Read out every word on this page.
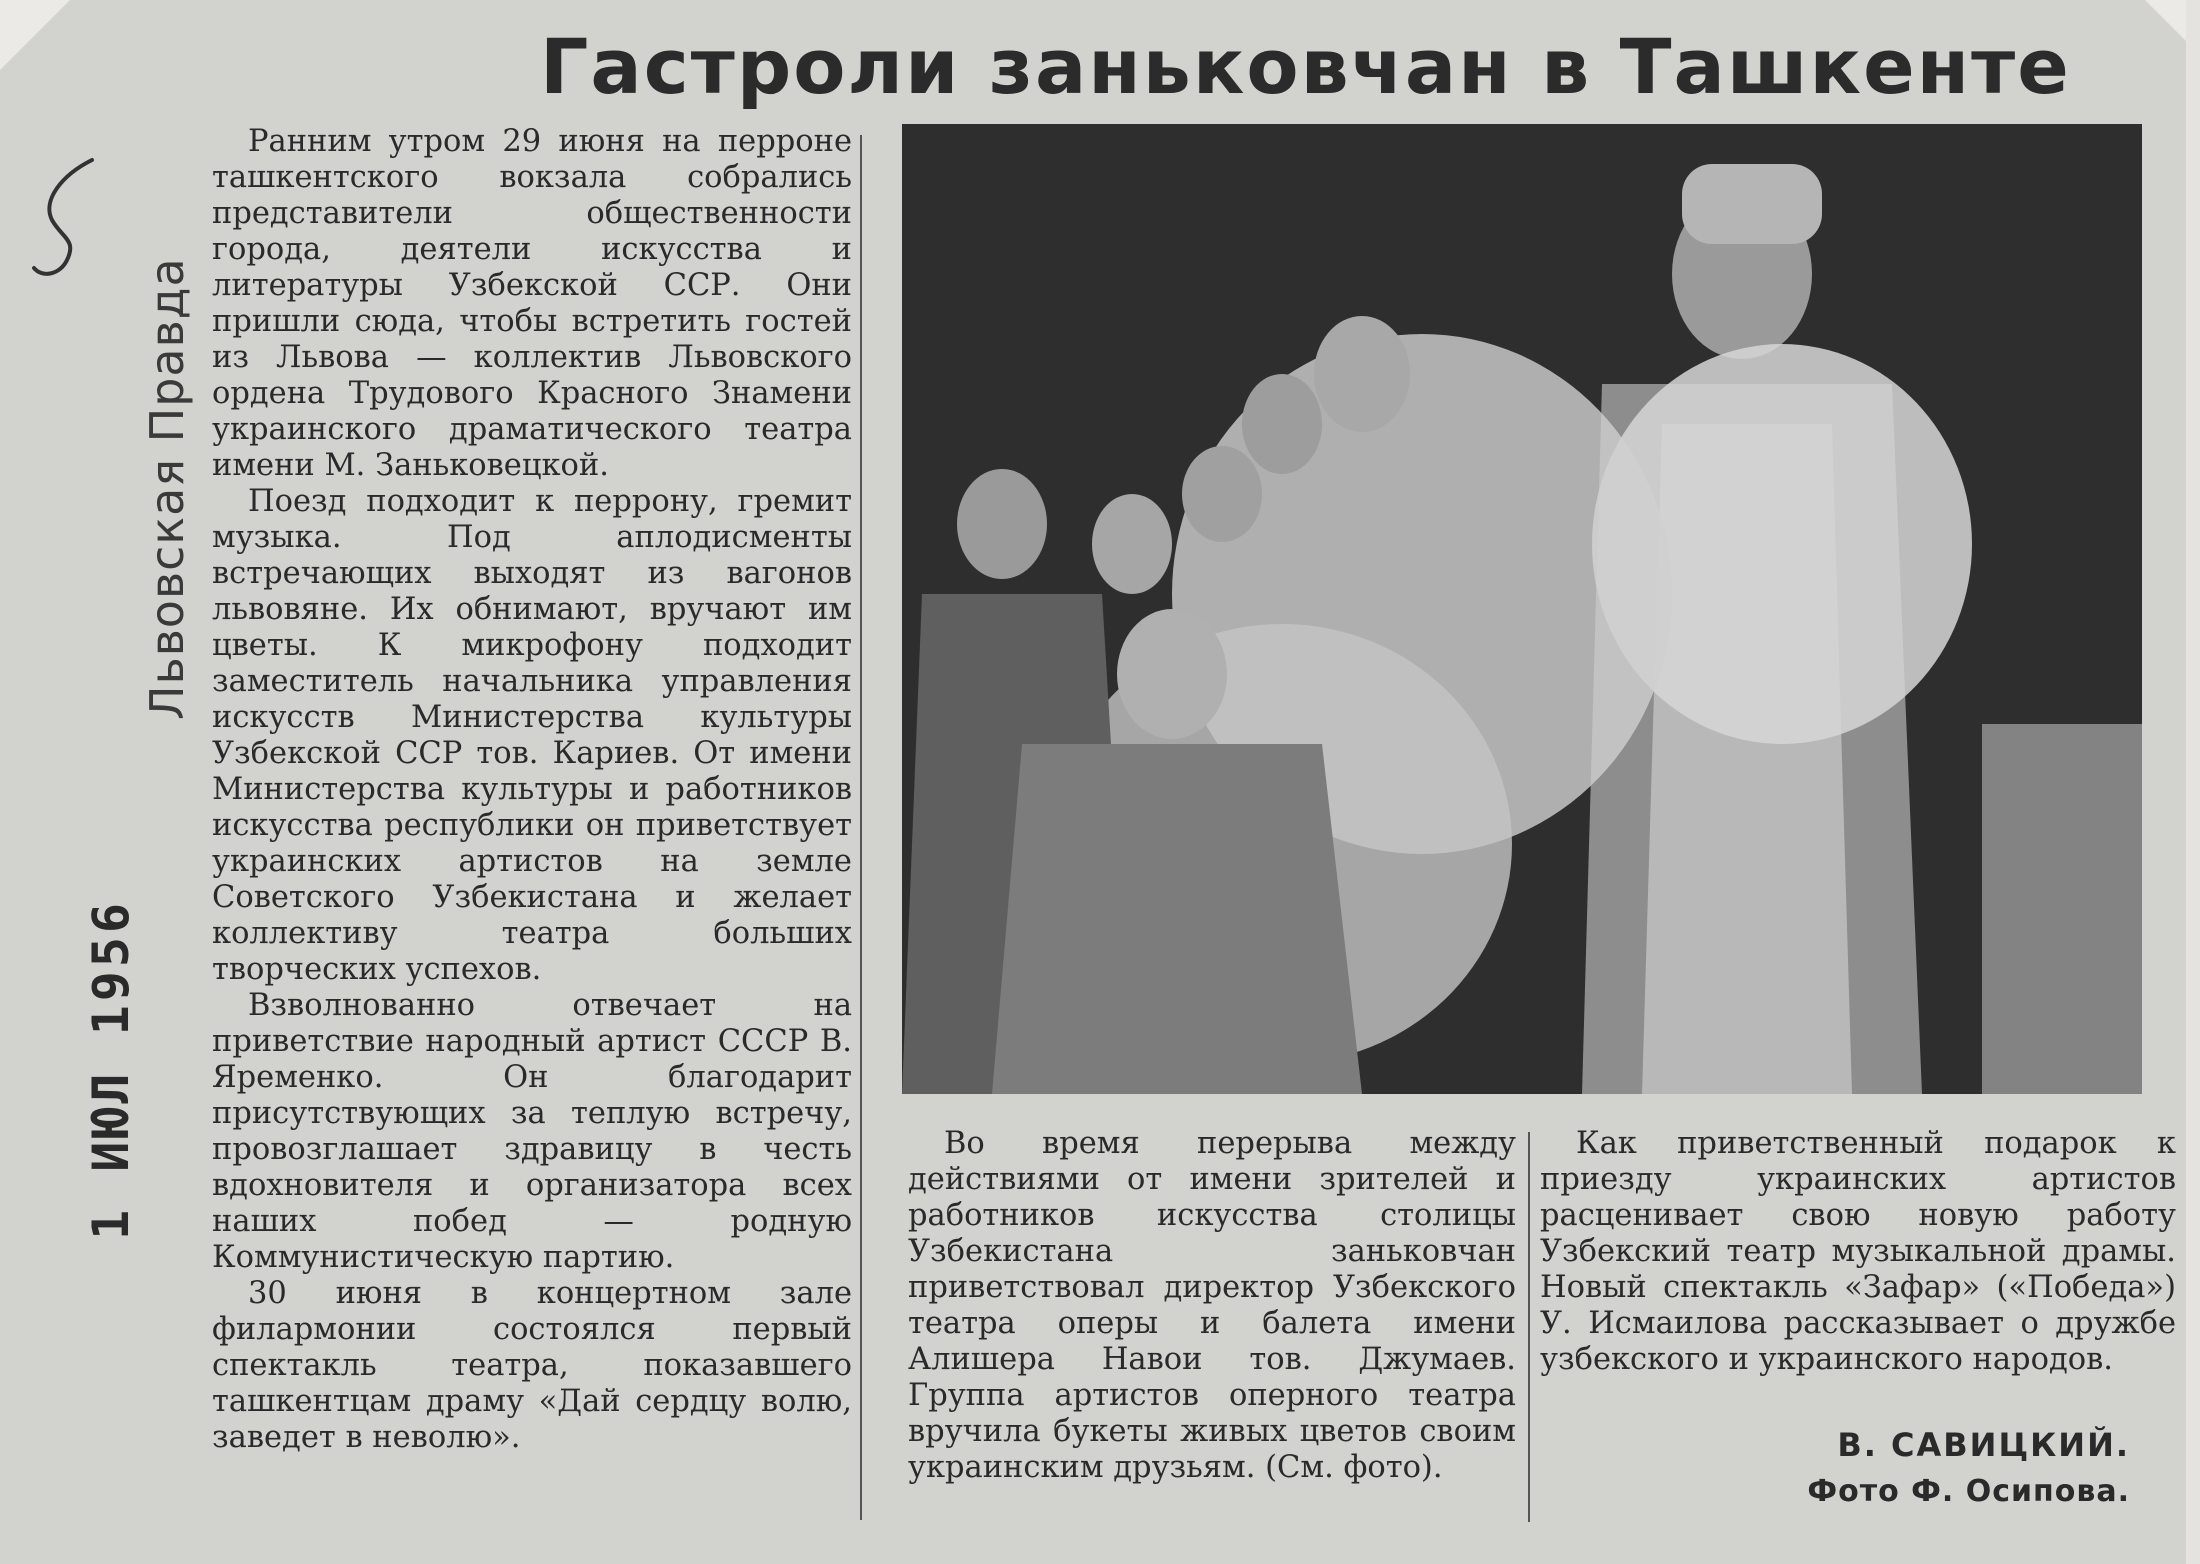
Гастроли заньковчан в Ташкенте
Львовская Правда
1 ИЮЛ 1956

Ранним утром 29 июня на перроне ташкентского вокзала собрались представители общественности города, деятели искусства и литературы Узбекской ССР. Они пришли сюда, чтобы встретить гостей из Львова — коллектив Львовского ордена Трудового Красного Знамени украинского драматического театра имени М. Заньковецкой.

Поезд подходит к перрону, гремит музыка. Под аплодисменты встречающих выходят из вагонов львовяне. Их обнимают, вручают им цветы. К микрофону подходит заместитель начальника управления искусств Министерства культуры Узбекской ССР тов. Кариев. От имени Министерства культуры и работников искусства республики он приветствует украинских артистов на земле Советского Узбекистана и желает коллективу театра больших творческих успехов.

Взволнованно отвечает на приветствие народный артист СССР В. Яременко. Он благодарит присутствующих за теплую встречу, провозглашает здравицу в честь вдохновителя и организатора всех наших побед — родную Коммунистическую партию.

30 июня в концертном зале филармонии состоялся первый спектакль театра, показавшего ташкентцам драму «Дай сердцу волю, заведет в неволю».

Во время перерыва между действиями от имени зрителей и работников искусства столицы Узбекистана заньковчан приветствовал директор Узбекского театра оперы и балета имени Алишера Навои тов. Джумаев. Группа артистов оперного театра вручила букеты живых цветов своим украинским друзьям. (См. фото).

Как приветственный подарок к приезду украинских артистов расценивает свою новую работу Узбекский театр музыкальной драмы. Новый спектакль «Зафар» («Победа») У. Исмаилова рассказывает о дружбе узбекского и украинского народов.

В. САВИЦКИЙ.
Фото Ф. Осипова.
